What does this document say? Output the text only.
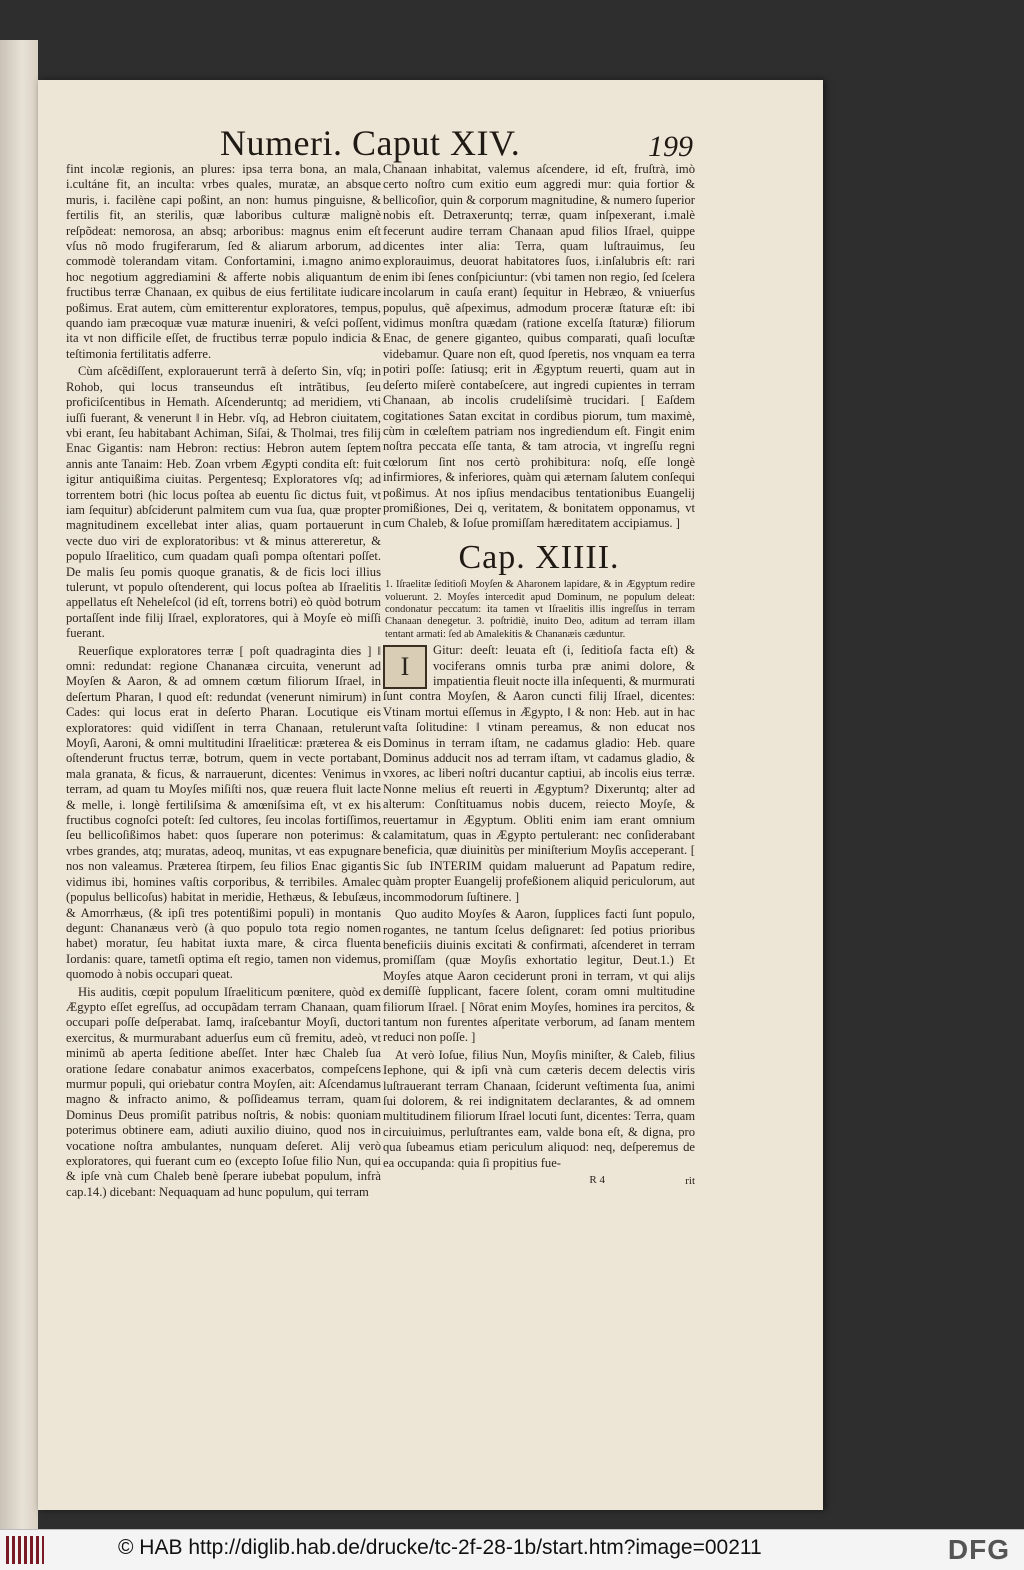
Numeri. Caput XIV.	199

fint incolæ regionis, an plures: ipsa terra bona, an mala, i.cultáne fit, an inculta: vrbes quales, muratæ, an absque muris, i. facilène capi poßint, an non: humus pinguisne, & fertilis fit, an sterilis, quæ laboribus culturæ malignè reſpõdeat: nemorosa, an absq; arboribus: magnus enim eſt vſus nõ modo frugiferarum, ſed & aliarum arborum, ad commodè tolerandam vitam. Confortamini, i.magno animo hoc negotium aggrediamini & afferte nobis aliquantum de fructibus terræ Chanaan, ex quibus de eius fertilitate iudicare poßimus. Erat autem, cùm emitterentur exploratores, tempus, quando iam præcoquæ vuæ maturæ inueniri, & veſci poſſent, ita vt non difficile eſſet, de fructibus terræ populo indicia & teſtimonia fertilitatis adferre.

Cùm aſcẽdiſſent, explorauerunt terrã à deſerto Sin, vſq; in Rohob, qui locus transeundus eſt intrãtibus, ſeu proficiſcentibus in Hemath. Aſcenderuntq; ad meridiem, vti iuſſi fuerant, & venerunt ‖ in Hebr. vſq, ad Hebron ciuitatem, vbi erant, ſeu habitabant Achiman, Siſai, & Tholmai, tres filij Enac Gigantis: nam Hebron: rectius: Hebron autem ſeptem annis ante Tanaim: Heb. Zoan vrbem Ægypti condita eſt: fuit igitur antiquißima ciuitas. Pergentesq; Exploratores vſq; ad torrentem botri (hic locus poſtea ab euentu ſic dictus fuit, vt iam ſequitur) abſciderunt palmitem cum vua ſua, quæ propter magnitudinem excellebat inter alias, quam portauerunt in vecte duo viri de exploratoribus: vt & minus attereretur, & populo Iſraelitico, cum quadam quaſi pompa oſtentari poſſet. De malis ſeu pomis quoque granatis, & de ficis loci illius tulerunt, vt populo oſtenderent, qui locus poſtea ab Iſraelitis appellatus eſt Neheleſcol (id eſt, torrens botri) eò quòd botrum portaſſent inde filij Iſrael, exploratores, qui à Moyſe eò miſſi fuerant.

Reuerſique exploratores terræ [ poſt quadraginta dies ] ‖ omni: redundat: regione Chananæa circuita, venerunt ad Moyſen & Aaron, & ad omnem cœtum filiorum Iſrael, in deſertum Pharan, ‖ quod eſt: redundat (venerunt nimirum) in Cades: qui locus erat in deſerto Pharan. Locutique eis exploratores: quid vidiſſent in terra Chanaan, retulerunt Moyſi, Aaroni, & omni multitudini Iſraeliticæ: præterea & eis oſtenderunt fructus terræ, botrum, quem in vecte portabant, mala granata, & ficus, & narrauerunt, dicentes: Venimus in terram, ad quam tu Moyſes miſiſti nos, quæ reuera fluit lacte & melle, i. longè fertiliſsima & amœniſsima eſt, vt ex his fructibus cognoſci poteſt: ſed cultores, ſeu incolas fortiſſimos, ſeu bellicoſißimos habet: quos ſuperare non poterimus: & vrbes grandes, atq; muratas, adeoq, munitas, vt eas expugnare nos non valeamus. Præterea ſtirpem, ſeu filios Enac gigantis vidimus ibi, homines vaſtis corporibus, & terribiles. Amalec (populus bellicoſus) habitat in meridie, Hethæus, & Iebuſæus, & Amorrhæus, (& ipſi tres potentißimi populi) in montanis degunt: Chananæus verò (à quo populo tota regio nomen habet) moratur, ſeu habitat iuxta mare, & circa fluenta Iordanis: quare, tametſi optima eſt regio, tamen non videmus, quomodo à nobis occupari queat.

His auditis, cœpit populum Iſraeliticum pœnitere, quòd ex Ægypto eſſet egreſſus, ad occupãdam terram Chanaan, quam occupari poſſe deſperabat. Iamq, iraſcebantur Moyſi, ductori exercitus, & murmurabant aduerſus eum cũ fremitu, adeò, vt minimũ ab aperta ſeditione abeſſet. Inter hæc Chaleb ſua oratione ſedare conabatur animos exacerbatos, compeſcens murmur populi, qui oriebatur contra Moyſen, ait: Aſcendamus magno & infracto animo, & poſſideamus terram, quam Dominus Deus promiſit patribus noſtris, & nobis: quoniam poterimus obtinere eam, adiuti auxilio diuino, quod nos in vocatione noſtra ambulantes, nunquam deſeret. Alij verò exploratores, qui fuerant cum eo (excepto Ioſue filio Nun, qui & ipſe vnà cum Chaleb benè ſperare iubebat populum, infrà cap.14.) dicebant: Nequaquam ad hunc populum, qui terram

Chanaan inhabitat, valemus aſcendere, id eſt, fruſtrà, imò certo noſtro cum exitio eum aggredi mur: quia fortior & bellicoſior, quin & corporum magnitudine, & numero ſuperior nobis eſt. Detraxeruntq; terræ, quam inſpexerant, i.malè fecerunt audire terram Chanaan apud filios Iſrael, quippe dicentes inter alia: Terra, quam luſtrauimus, ſeu explorauimus, deuorat habitatores ſuos, i.inſalubris eſt: rari enim ibi ſenes conſpiciuntur: (vbi tamen non regio, ſed ſcelera incolarum in cauſa erant) ſequitur in Hebræo, & vniuerſus populus, quẽ aſpeximus, admodum proceræ ſtaturæ eſt: ibi vidimus monſtra quædam (ratione excelſa ſtaturæ) filiorum Enac, de genere giganteo, quibus comparati, quaſi locuſtæ videbamur. Quare non eſt, quod ſperetis, nos vnquam ea terra potiri poſſe: ſatiusq; erit in Ægyptum reuerti, quam aut in deſerto miſerè contabeſcere, aut ingredi cupientes in terram Chanaan, ab incolis crudeliſsimè trucidari. [ Eaſdem cogitationes Satan excitat in cordibus piorum, tum maximè, cùm in cœleſtem patriam nos ingrediendum eſt. Fingit enim noſtra peccata eſſe tanta, & tam atrocia, vt ingreſſu regni cœlorum ſint nos certò prohibitura: noſq, eſſe longè infirmiores, & inferiores, quàm qui æternam ſalutem conſequi poßimus. At nos ipſius mendacibus tentationibus Euangelij promißiones, Dei q, veritatem, & bonitatem opponamus, vt cum Chaleb, & Ioſue promiſſam hæreditatem accipiamus. ]

Cap. XIIII.

1. Iſraelitæ ſeditioſi Moyſen & Aharonem lapidare, & in Ægyptum redire voluerunt. 2. Moyſes intercedit apud Dominum, ne populum deleat: condonatur peccatum: ita tamen vt Iſraelitis illis ingreſſus in terram Chanaan denegetur. 3. poſtridiè, inuito Deo, aditum ad terram illam tentant armati: ſed ab Amalekitis & Chananæis cæduntur.

I

Gitur: deeſt: leuata eſt (i, ſeditioſa facta eſt) & vociferans omnis turba præ animi dolore, & impatientia fleuit nocte illa inſequenti, & murmurati ſunt contra Moyſen, & Aaron cuncti filij Iſrael, dicentes: Vtinam mortui eſſemus in Ægypto, ‖ & non: Heb. aut in hac vaſta ſolitudine: ‖ vtinam pereamus, & non educat nos Dominus in terram iſtam, ne cadamus gladio: Heb. quare Dominus adducit nos ad terram iſtam, vt cadamus gladio, & vxores, ac liberi noſtri ducantur captiui, ab incolis eius terræ. Nonne melius eſt reuerti in Ægyptum? Dixeruntq; alter ad alterum: Conſtituamus nobis ducem, reiecto Moyſe, & reuertamur in Ægyptum. Obliti enim iam erant omnium calamitatum, quas in Ægypto pertulerant: nec conſiderabant beneficia, quæ diuinitùs per miniſterium Moyſis acceperant. [ Sic ſub INTERIM quidam maluerunt ad Papatum redire, quàm propter Euangelij profeßionem aliquid periculorum, aut incommodorum ſuſtinere. ]

Quo audito Moyſes & Aaron, ſupplices facti ſunt populo, rogantes, ne tantum ſcelus deſignaret: ſed potius prioribus beneficiis diuinis excitati & confirmati, aſcenderet in terram promiſſam (quæ Moyſis exhortatio legitur, Deut.1.) Et Moyſes atque Aaron ceciderunt proni in terram, vt qui alijs demiſſè ſupplicant, facere ſolent, coram omni multitudine filiorum Iſrael. [ Nôrat enim Moyſes, homines ira percitos, & tantum non furentes aſperitate verborum, ad ſanam mentem reduci non poſſe. ]

At verò Ioſue, filius Nun, Moyſis miniſter, & Caleb, filius Iephone, qui & ipſi vnà cum cæteris decem delectis viris luſtrauerant terram Chanaan, ſciderunt veſtimenta ſua, animi ſui dolorem, & rei indignitatem declarantes, & ad omnem multitudinem filiorum Iſrael locuti ſunt, dicentes: Terra, quam circuiuimus, perluſtrantes eam, valde bona eſt, & digna, pro qua ſubeamus etiam periculum aliquod: neq, deſperemus de ea occupanda: quia ſi propitius fue-

R 4	rit
© HAB http://diglib.hab.de/drucke/tc-2f-28-1b/start.htm?image=00211	DFG
